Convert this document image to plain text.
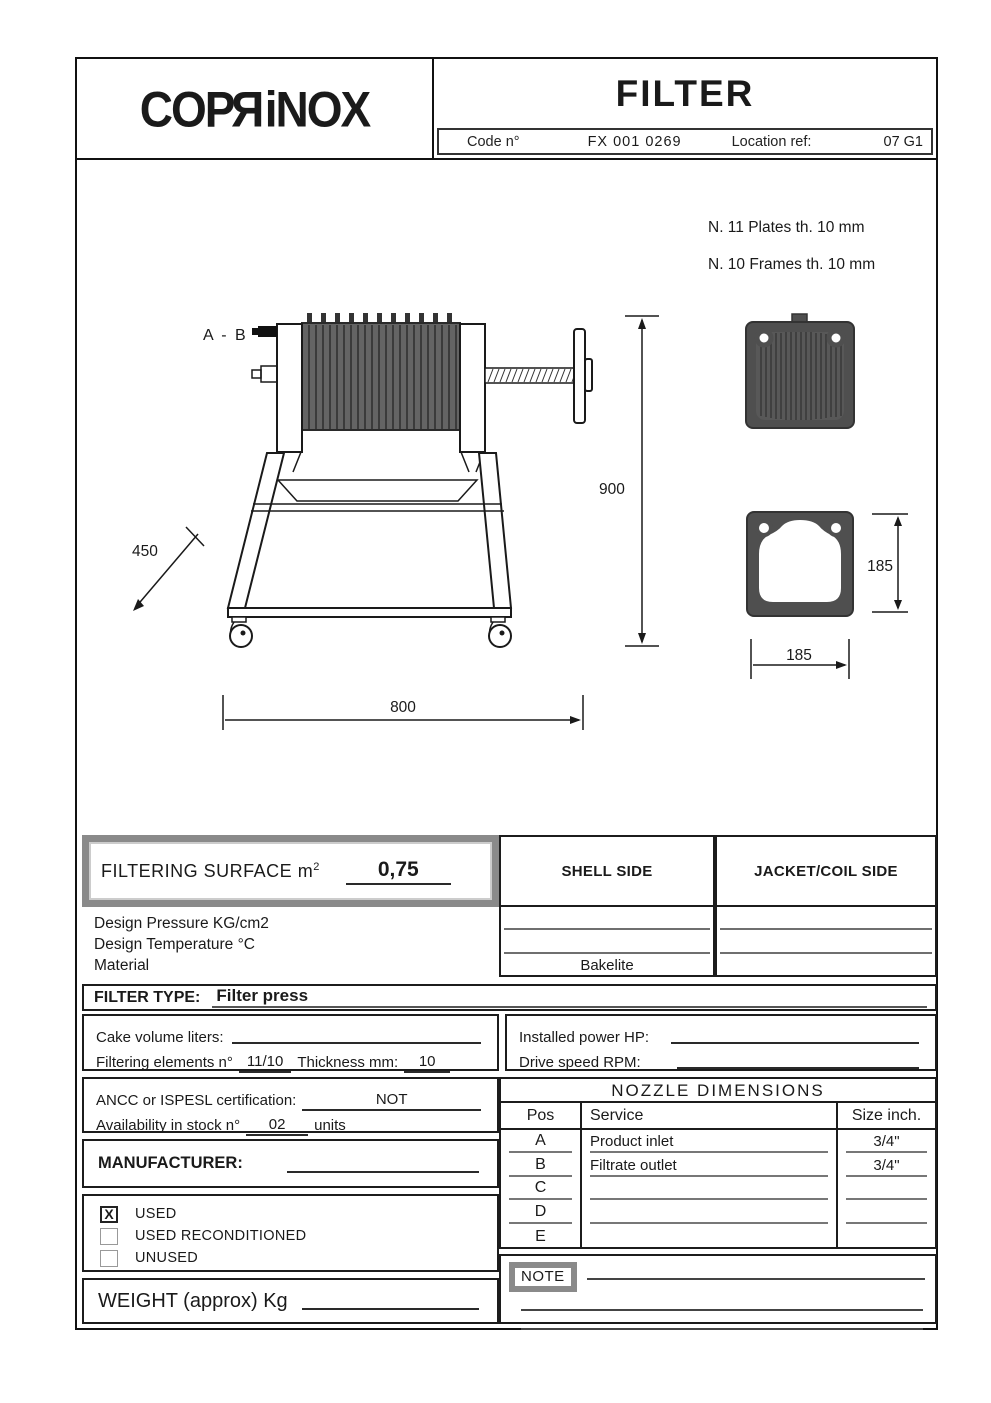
COPRiNOX	FILTER
Code n°	FX 001 0269	Location ref:	07 G1
N. 11 Plates th. 10 mm
N. 10 Frames th. 10 mm
A - B
900
450
800
185
185
FILTERING SURFACE $m^2$	0,75	SHELL SIDE	JACKET/COIL SIDE
Design Pressure KG/cm2
Design Temperature °C
Material	Bakelite
FILTER TYPE: Filter press
Cake volume liters:
Filtering elements n° 11/10 Thickness mm:	10
Installed power HP:
Drive speed RPM:
ANCC or ISPESL certification:	NOT
Availability in stock n°	02	units
NOZZLE DIMENSIONS
Pos	Service	Size inch.
A	Product inlet	3/4"
B	Filtrate outlet	3/4"
C
D
E
MANUFACTURER:
X USED
USED RECONDITIONED
UNUSED
WEIGHT (approx) Kg
NOTE
